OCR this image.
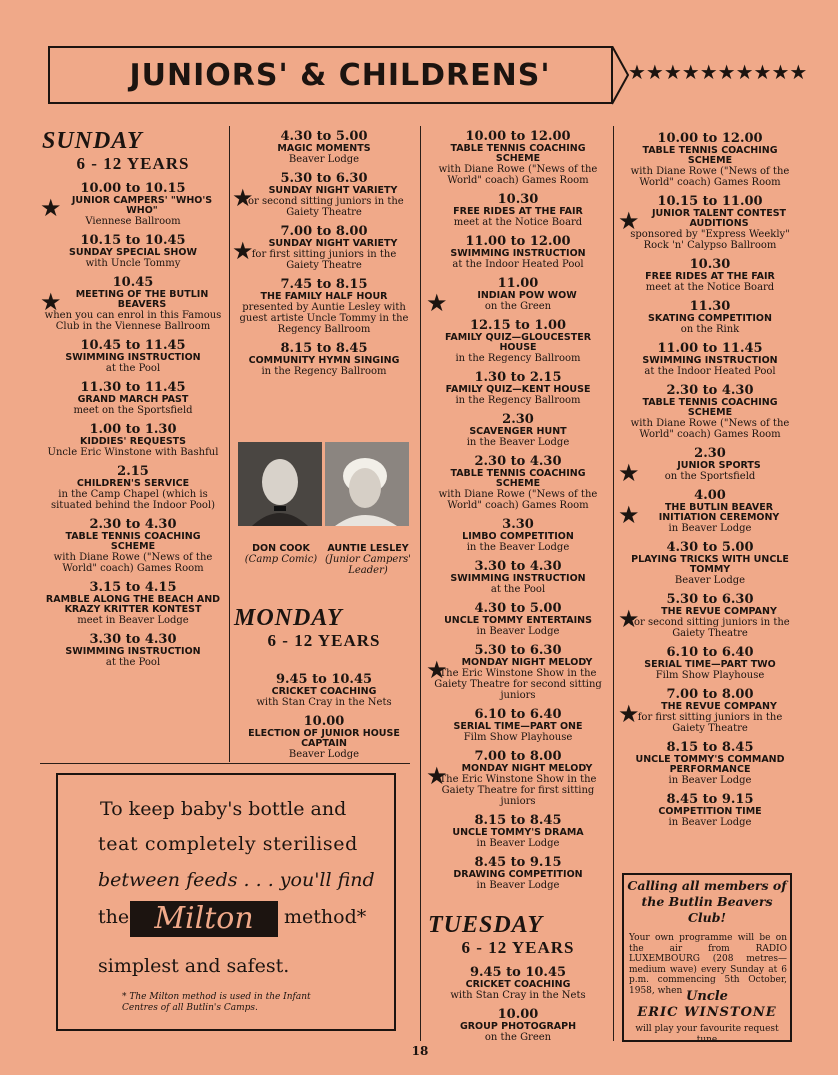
JUNIORS' & CHILDRENS'	★★★★★★★★★★
SUNDAY
6 - 12 YEARS
★
10.00 to 10.15
JUNIOR CAMPERS' "WHO'S WHO"
Viennese Ballroom
10.15 to 10.45
SUNDAY SPECIAL SHOW
with Uncle Tommy
★
10.45
MEETING OF THE BUTLIN BEAVERS
when you can enrol in this Famous Club in the Viennese Ballroom
10.45 to 11.45
SWIMMING INSTRUCTION
at the Pool
11.30 to 11.45
GRAND MARCH PAST
meet on the Sportsfield
1.00 to 1.30
KIDDIES' REQUESTS
Uncle Eric Winstone with Bashful
2.15
CHILDREN'S SERVICE
in the Camp Chapel (which is situated behind the Indoor Pool)
2.30 to 4.30
TABLE TENNIS COACHING SCHEME
with Diane Rowe ("News of the World" coach) Games Room
3.15 to 4.15
RAMBLE ALONG THE BEACH AND KRAZY KRITTER KONTEST
meet in Beaver Lodge
3.30 to 4.30
SWIMMING INSTRUCTION
at the Pool
4.30 to 5.00
MAGIC MOMENTS
Beaver Lodge
★
5.30 to 6.30
SUNDAY NIGHT VARIETY
for second sitting juniors in the Gaiety Theatre
★
7.00 to 8.00
SUNDAY NIGHT VARIETY
for first sitting juniors in the Gaiety Theatre
7.45 to 8.15
THE FAMILY HALF HOUR
presented by Auntie Lesley with guest artiste Uncle Tommy in the Regency Ballroom
8.15 to 8.45
COMMUNITY HYMN SINGING
in the Regency Ballroom
DON COOK
(Camp Comic)
AUNTIE LESLEY
(Junior Campers' Leader)
MONDAY
6 - 12 YEARS
9.45 to 10.45
CRICKET COACHING
with Stan Cray in the Nets
10.00
ELECTION OF JUNIOR HOUSE CAPTAIN
Beaver Lodge
10.00 to 12.00
TABLE TENNIS COACHING SCHEME
with Diane Rowe ("News of the World" coach) Games Room
10.30
FREE RIDES AT THE FAIR
meet at the Notice Board
11.00 to 12.00
SWIMMING INSTRUCTION
at the Indoor Heated Pool
★
11.00
INDIAN POW WOW
on the Green
12.15 to 1.00
FAMILY QUIZ—GLOUCESTER HOUSE
in the Regency Ballroom
1.30 to 2.15
FAMILY QUIZ—KENT HOUSE
in the Regency Ballroom
2.30
SCAVENGER HUNT
in the Beaver Lodge
2.30 to 4.30
TABLE TENNIS COACHING SCHEME
with Diane Rowe ("News of the World" coach) Games Room
3.30
LIMBO COMPETITION
in the Beaver Lodge
3.30 to 4.30
SWIMMING INSTRUCTION
at the Pool
4.30 to 5.00
UNCLE TOMMY ENTERTAINS
in Beaver Lodge
★
5.30 to 6.30
MONDAY NIGHT MELODY
The Eric Winstone Show in the Gaiety Theatre for second sitting juniors
6.10 to 6.40
SERIAL TIME—PART ONE
Film Show Playhouse
★
7.00 to 8.00
MONDAY NIGHT MELODY
The Eric Winstone Show in the Gaiety Theatre for first sitting juniors
8.15 to 8.45
UNCLE TOMMY'S DRAMA
in Beaver Lodge
8.45 to 9.15
DRAWING COMPETITION
in Beaver Lodge
TUESDAY
6 - 12 YEARS
9.45 to 10.45
CRICKET COACHING
with Stan Cray in the Nets
10.00
GROUP PHOTOGRAPH
on the Green
10.00 to 12.00
TABLE TENNIS COACHING SCHEME
with Diane Rowe ("News of the World" coach) Games Room
★
10.15 to 11.00
JUNIOR TALENT CONTEST AUDITIONS
sponsored by "Express Weekly" Rock 'n' Calypso Ballroom
10.30
FREE RIDES AT THE FAIR
meet at the Notice Board
11.30
SKATING COMPETITION
on the Rink
11.00 to 11.45
SWIMMING INSTRUCTION
at the Indoor Heated Pool
2.30 to 4.30
TABLE TENNIS COACHING SCHEME
with Diane Rowe ("News of the World" coach) Games Room
★
2.30
JUNIOR SPORTS
on the Sportsfield
★
4.00
THE BUTLIN BEAVER INITIATION CEREMONY
in Beaver Lodge
4.30 to 5.00
PLAYING TRICKS WITH UNCLE TOMMY
Beaver Lodge
★
5.30 to 6.30
THE REVUE COMPANY
for second sitting juniors in the Gaiety Theatre
6.10 to 6.40
SERIAL TIME—PART TWO
Film Show Playhouse
★
7.00 to 8.00
THE REVUE COMPANY
for first sitting juniors in the Gaiety Theatre
8.15 to 8.45
UNCLE TOMMY'S COMMAND PERFORMANCE
in Beaver Lodge
8.45 to 9.15
COMPETITION TIME
in Beaver Lodge
To keep baby's bottle and
teat completely sterilised
between feeds . . . you'll find
the Milton	method*
simplest and safest.
* The Milton method is used in the Infant Centres of all Butlin's Camps.
Calling all members of the Butlin Beavers Club!
Your own programme will be on the air from RADIO LUXEMBOURG (208 metres—medium wave) every Sunday at 6 p.m. commencing 5th October, 1958, when Uncle
ERIC WINSTONE
will play your favourite request tune
18
